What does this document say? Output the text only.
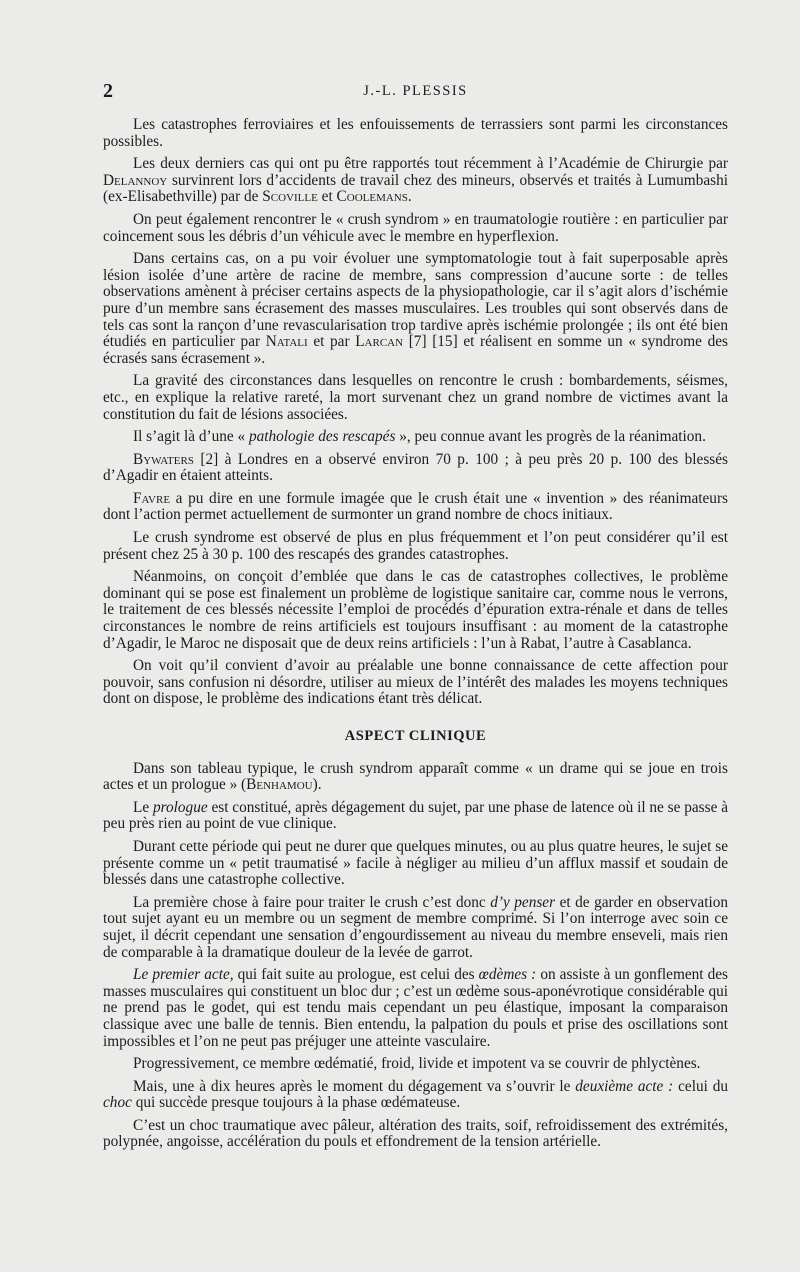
2	J.-L. PLESSIS

Les catastrophes ferroviaires et les enfouissements de terrassiers sont parmi les circonstances possibles.

Les deux derniers cas qui ont pu être rapportés tout récemment à l’Académie de Chirurgie par Delannoy survinrent lors d’accidents de travail chez des mineurs, observés et traités à Lumumbashi (ex-Elisabethville) par de Scoville et Coolemans.

On peut également rencontrer le « crush syndrom » en traumatologie routière : en particulier par coincement sous les débris d’un véhicule avec le membre en hyperflexion.

Dans certains cas, on a pu voir évoluer une symptomatologie tout à fait superposable après lésion isolée d’une artère de racine de membre, sans compression d’aucune sorte : de telles observations amènent à préciser certains aspects de la physiopathologie, car il s’agit alors d’ischémie pure d’un membre sans écrasement des masses musculaires. Les troubles qui sont observés dans de tels cas sont la rançon d’une revascularisation trop tardive après ischémie prolongée ; ils ont été bien étudiés en particulier par Natali et par Larcan [7] [15] et réalisent en somme un « syndrome des écrasés sans écrasement ».

La gravité des circonstances dans lesquelles on rencontre le crush : bombardements, séismes, etc., en explique la relative rareté, la mort survenant chez un grand nombre de victimes avant la constitution du fait de lésions associées.

Il s’agit là d’une « pathologie des rescapés », peu connue avant les progrès de la réanimation.

Bywaters [2] à Londres en a observé environ 70 p. 100 ; à peu près 20 p. 100 des blessés d’Agadir en étaient atteints.

Favre a pu dire en une formule imagée que le crush était une « invention » des réanimateurs dont l’action permet actuellement de surmonter un grand nombre de chocs initiaux.

Le crush syndrome est observé de plus en plus fréquemment et l’on peut considérer qu’il est présent chez 25 à 30 p. 100 des rescapés des grandes catastrophes.

Néanmoins, on conçoit d’emblée que dans le cas de catastrophes collectives, le problème dominant qui se pose est finalement un problème de logistique sanitaire car, comme nous le verrons, le traitement de ces blessés nécessite l’emploi de procédés d’épuration extra-rénale et dans de telles circonstances le nombre de reins artificiels est toujours insuffisant : au moment de la catastrophe d’Agadir, le Maroc ne disposait que de deux reins artificiels : l’un à Rabat, l’autre à Casablanca.

On voit qu’il convient d’avoir au préalable une bonne connaissance de cette affection pour pouvoir, sans confusion ni désordre, utiliser au mieux de l’intérêt des malades les moyens techniques dont on dispose, le problème des indications étant très délicat.

ASPECT CLINIQUE

Dans son tableau typique, le crush syndrom apparaît comme « un drame qui se joue en trois actes et un prologue » (Benhamou).

Le prologue est constitué, après dégagement du sujet, par une phase de latence où il ne se passe à peu près rien au point de vue clinique.

Durant cette période qui peut ne durer que quelques minutes, ou au plus quatre heures, le sujet se présente comme un « petit traumatisé » facile à négliger au milieu d’un afflux massif et soudain de blessés dans une catastrophe collective.

La première chose à faire pour traiter le crush c’est donc d’y penser et de garder en observation tout sujet ayant eu un membre ou un segment de membre comprimé. Si l’on interroge avec soin ce sujet, il décrit cependant une sensation d’engourdissement au niveau du membre enseveli, mais rien de comparable à la dramatique douleur de la levée de garrot.

Le premier acte, qui fait suite au prologue, est celui des œdèmes : on assiste à un gonflement des masses musculaires qui constituent un bloc dur ; c’est un œdème sous-aponévrotique considérable qui ne prend pas le godet, qui est tendu mais cependant un peu élastique, imposant la comparaison classique avec une balle de tennis. Bien entendu, la palpation du pouls et prise des oscillations sont impossibles et l’on ne peut pas préjuger une atteinte vasculaire.

Progressivement, ce membre œdématié, froid, livide et impotent va se couvrir de phlyctènes.

Mais, une à dix heures après le moment du dégagement va s’ouvrir le deuxième acte : celui du choc qui succède presque toujours à la phase œdémateuse.

C’est un choc traumatique avec pâleur, altération des traits, soif, refroidissement des extrémités, polypnée, angoisse, accélération du pouls et effondrement de la tension artérielle.
